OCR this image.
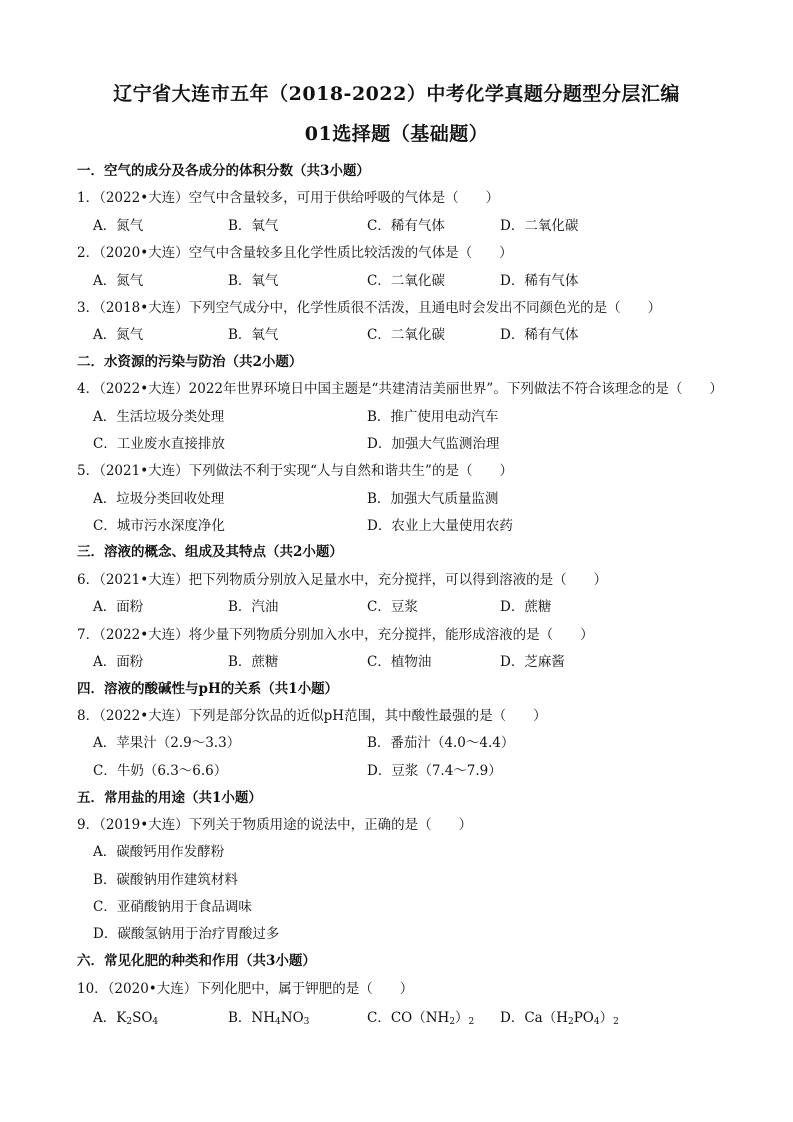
辽宁省大连市五年（2018-2022）中考化学真题分题型分层汇编
01选择题（基础题）
一．空气的成分及各成分的体积分数（共3小题）
1．（2022•大连）空气中含量较多，可用于供给呼吸的气体是（　　）
A．氮气	B．氧气	C．稀有气体	D．二氧化碳
2．（2020•大连）空气中含量较多且化学性质比较活泼的气体是（　　）
A．氮气	B．氧气	C．二氧化碳	D．稀有气体
3．（2018•大连）下列空气成分中，化学性质很不活泼，且通电时会发出不同颜色光的是（　　）
A．氮气	B．氧气	C．二氧化碳	D．稀有气体
二．水资源的污染与防治（共2小题）
4．（2022•大连）2022年世界环境日中国主题是“共建清洁美丽世界”。下列做法不符合该理念的是（　　）
A．生活垃圾分类处理	B．推广使用电动汽车
C．工业废水直接排放	D．加强大气监测治理
5．（2021•大连）下列做法不利于实现“人与自然和谐共生”的是（　　）
A．垃圾分类回收处理	B．加强大气质量监测
C．城市污水深度净化	D．农业上大量使用农药
三．溶液的概念、组成及其特点（共2小题）
6．（2021•大连）把下列物质分别放入足量水中，充分搅拌，可以得到溶液的是（　　）
A．面粉	B．汽油	C．豆浆	D．蔗糖
7．（2022•大连）将少量下列物质分别加入水中，充分搅拌，能形成溶液的是（　　）
A．面粉	B．蔗糖	C．植物油	D．芝麻酱
四．溶液的酸碱性与pH的关系（共1小题）
8．（2022•大连）下列是部分饮品的近似pH范围，其中酸性最强的是（　　）
A．苹果汁（2.9～3.3）	B．番茄汁（4.0～4.4）
C．牛奶（6.3～6.6）	D．豆浆（7.4～7.9）
五．常用盐的用途（共1小题）
9．（2019•大连）下列关于物质用途的说法中，正确的是（　　）
A．碳酸钙用作发酵粉
B．碳酸钠用作建筑材料
C．亚硝酸钠用于食品调味
D．碳酸氢钠用于治疗胃酸过多
六．常见化肥的种类和作用（共3小题）
10．（2020•大连）下列化肥中，属于钾肥的是（　　）
A．$K_2SO_4$	B．$NH_4NO_3$	C．$CO(NH_2)_2$ D．$Ca(H_2PO_4)_2$
